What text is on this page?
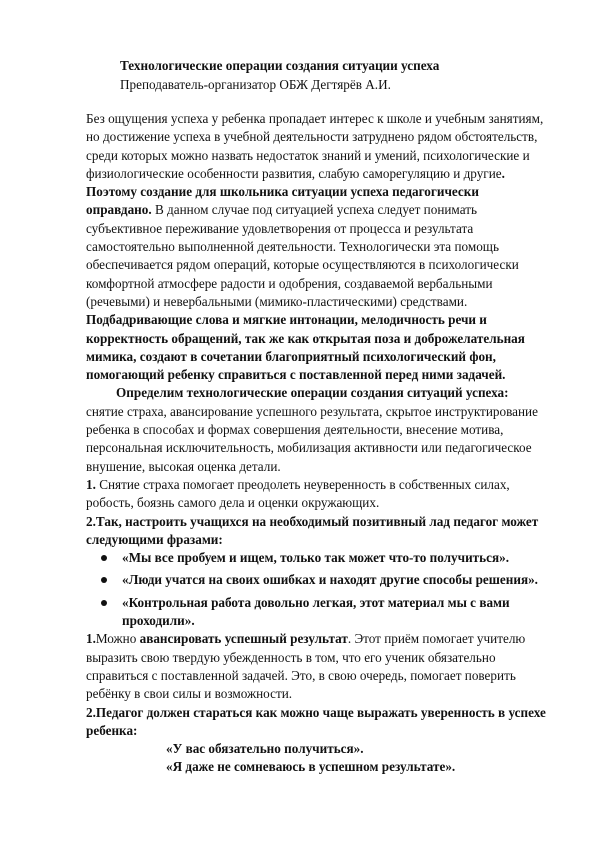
Технологические операции создания ситуации успеха
Преподаватель-организатор ОБЖ Дегтярёв А.И.

Без ощущения успеха у ребенка пропадает интерес к школе и учебным занятиям, но достижение успеха в учебной деятельности затруднено рядом обстоятельств, среди которых можно назвать недостаток знаний и умений, психологические и физиологические особенности развития, слабую саморегуляцию и другие. Поэтому создание для школьника ситуации успеха педагогически оправдано. В данном случае под ситуацией успеха следует понимать субъективное переживание удовлетворения от процесса и результата самостоятельно выполненной деятельности. Технологически эта помощь обеспечивается рядом операций, которые осуществляются в психологически комфортной атмосфере радости и одобрения, создаваемой вербальными (речевыми) и невербальными (мимико-пластическими) средствами. Подбадривающие слова и мягкие интонации, мелодичность речи и корректность обращений, так же как открытая поза и доброжелательная мимика, создают в сочетании благоприятный психологический фон, помогающий ребенку справиться с поставленной перед ними задачей.

Определим технологические операции создания ситуаций успеха: снятие страха, авансирование успешного результата, скрытое инструктирование ребенка в способах и формах совершения деятельности, внесение мотива, персональная исключительность, мобилизация активности или педагогическое внушение, высокая оценка детали.

1. Снятие страха помогает преодолеть неуверенность в собственных силах, робость, боязнь самого дела и оценки окружающих.

2.Так, настроить учащихся на необходимый позитивный лад педагог может следующими фразами:

«Мы все пробуем и ищем, только так может что-то получиться».
«Люди учатся на своих ошибках и находят другие способы решения».
«Контрольная работа довольно легкая, этот материал мы с вами проходили».

1.Можно авансировать успешный результат. Этот приём помогает учителю выразить свою твердую убежденность в том, что его ученик обязательно справиться с поставленной задачей. Это, в свою очередь, помогает поверить ребёнку в свои силы и возможности.

2.Педагог должен стараться как можно чаще выражать уверенность в успехе ребенка:

«У вас обязательно получиться».

«Я даже не сомневаюсь в успешном результате».
